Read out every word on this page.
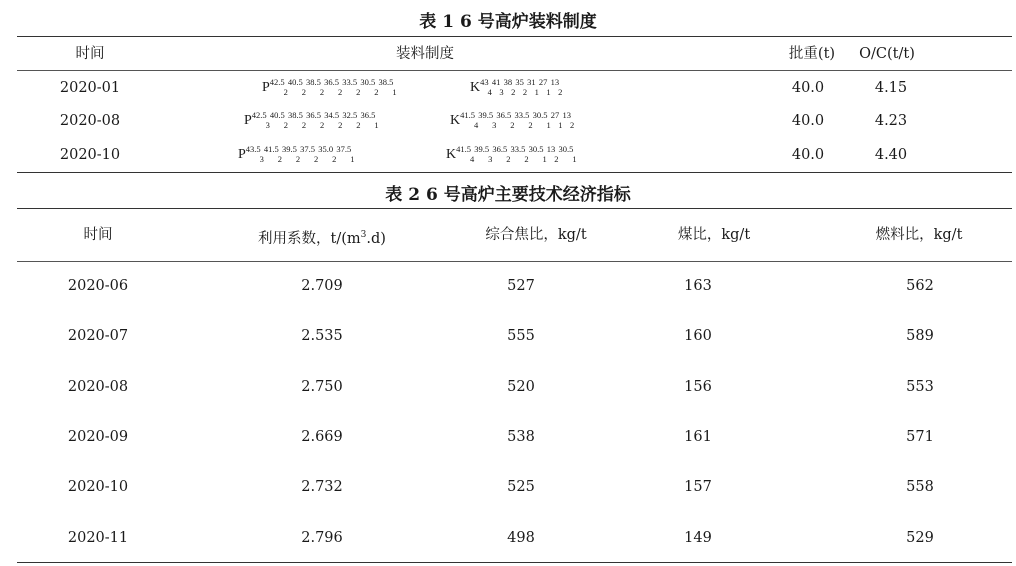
表 1 6 号高炉装料制度
时间	装料制度	批重(t) O/C(t/t)
2020-01	$P^{42.5}_2^{40.5}_2^{38.5}_2^{36.5}_2^{33.5}_2^{30.5}_2^{38.5}_1$	$K^{43}_4^{41}_3^{38}_2^{35}_2^{31}_1^{27}_1^{13}_2$	40.0	4.15
2020-08	$P^{42.5}_3^{40.5}_2^{38.5}_2^{36.5}_2^{34.5}_2^{32.5}_2^{36.5}_1$	$K^{41.5}_4^{39.5}_3^{36.5}_2^{33.5}_2^{30.5}_1^{27}_1^{13}_2$	40.0	4.23
2020-10	$P^{43.5}_3^{41.5}_2^{39.5}_2^{37.5}_2^{35.0}_2^{37.5}_1$	$K^{41.5}_4^{39.5}_3^{36.5}_2^{33.5}_2^{30.5}_1^{13}_2^{30.5}_1$	40.0	4.40
表 2 6 号高炉主要技术经济指标
时间	利用系数，$t/(m^3.d)$	综合焦比，kg/t	煤比，kg/t	燃料比，kg/t
2020-06	2.709	527	163	562
2020-07	2.535	555	160	589
2020-08	2.750	520	156	553
2020-09	2.669	538	161	571
2020-10	2.732	525	157	558
2020-11	2.796	498	149	529
